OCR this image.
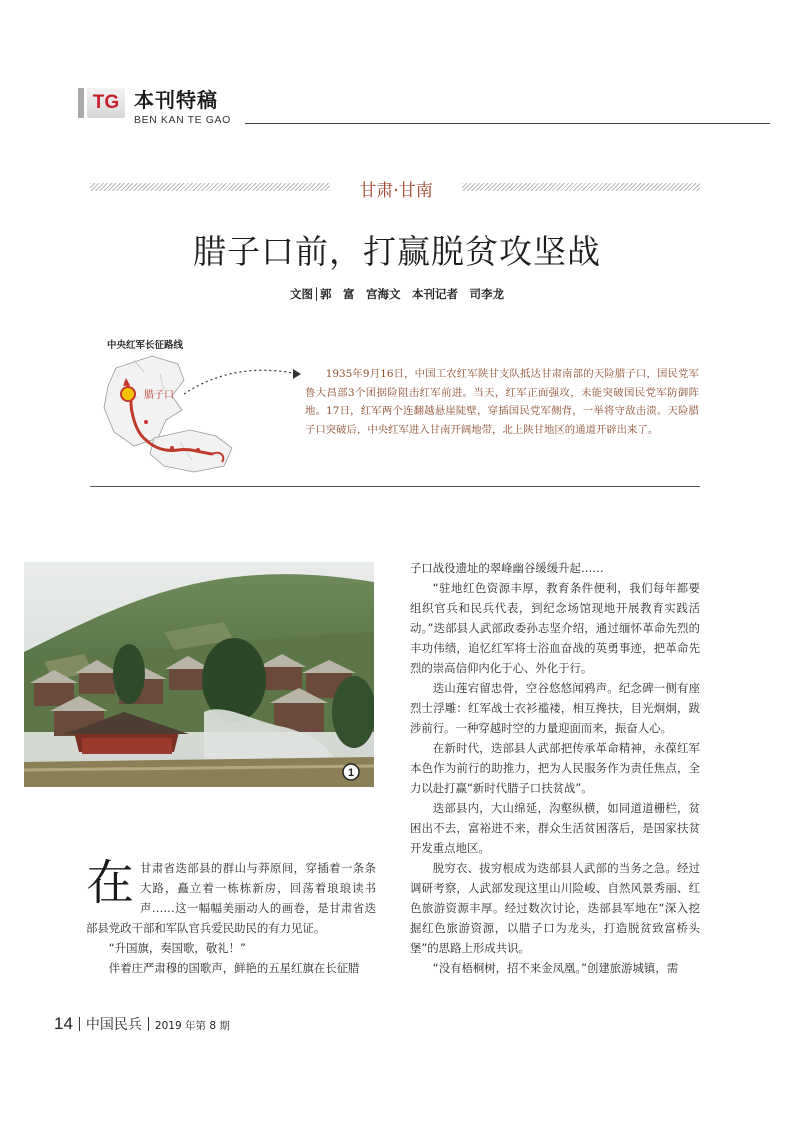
TG 本刊特稿
BEN KAN TE GAO
甘肃·甘南
腊子口前，打赢脱贫攻坚战
文图│郭　富　宫海文　本刊记者　司李龙
中央红军长征路线
腊子口

1935年9月16日，中国工农红军陕甘支队抵达甘肃南部的天险腊子口，国民党军鲁大昌部3个团据险阻击红军前进。当天，红军正面强攻，未能突破国民党军防御阵地。17日，红军两个连翻越悬崖陡壁，穿插国民党军侧背，一举将守敌击溃。天险腊子口突破后，中央红军进入甘南开阔地带，北上陕甘地区的通道开辟出来了。

1

在甘肃省迭部县的群山与莽原间，穿插着一条条大路，矗立着一栋栋新房，回荡着琅琅读书声……这一幅幅美丽动人的画卷，是甘肃省迭部县党政干部和军队官兵爱民助民的有力见证。

“升国旗，奏国歌，敬礼！”

伴着庄严肃穆的国歌声，鲜艳的五星红旗在长征腊

子口战役遗址的翠峰幽谷缓缓升起……

“驻地红色资源丰厚，教育条件便利，我们每年都要组织官兵和民兵代表，到纪念场馆现地开展教育实践活动。”迭部县人武部政委孙志坚介绍，通过缅怀革命先烈的丰功伟绩，追忆红军将士浴血奋战的英勇事迹，把革命先烈的崇高信仰内化于心、外化于行。

迭山莲宕留忠骨，空谷悠悠闻鸦声。纪念碑一侧有座烈士浮雕：红军战士衣衫褴褛，相互搀扶，目光炯炯，跋涉前行。一种穿越时空的力量迎面而来，振奋人心。

在新时代，迭部县人武部把传承革命精神，永葆红军本色作为前行的助推力，把为人民服务作为责任焦点，全力以赴打赢“新时代腊子口扶贫战”。

迭部县内，大山绵延，沟壑纵横，如同道道栅栏，贫困出不去，富裕进不来，群众生活贫困落后，是国家扶贫开发重点地区。

脱穷衣、拔穷根成为迭部县人武部的当务之急。经过调研考察，人武部发现这里山川险峻、自然风景秀丽、红色旅游资源丰厚。经过数次讨论，迭部县军地在“深入挖掘红色旅游资源，以腊子口为龙头，打造脱贫致富桥头堡”的思路上形成共识。

“没有梧桐树，招不来金凤凰。”创建旅游城镇，需

14 中国民兵 2019 年第 8 期
